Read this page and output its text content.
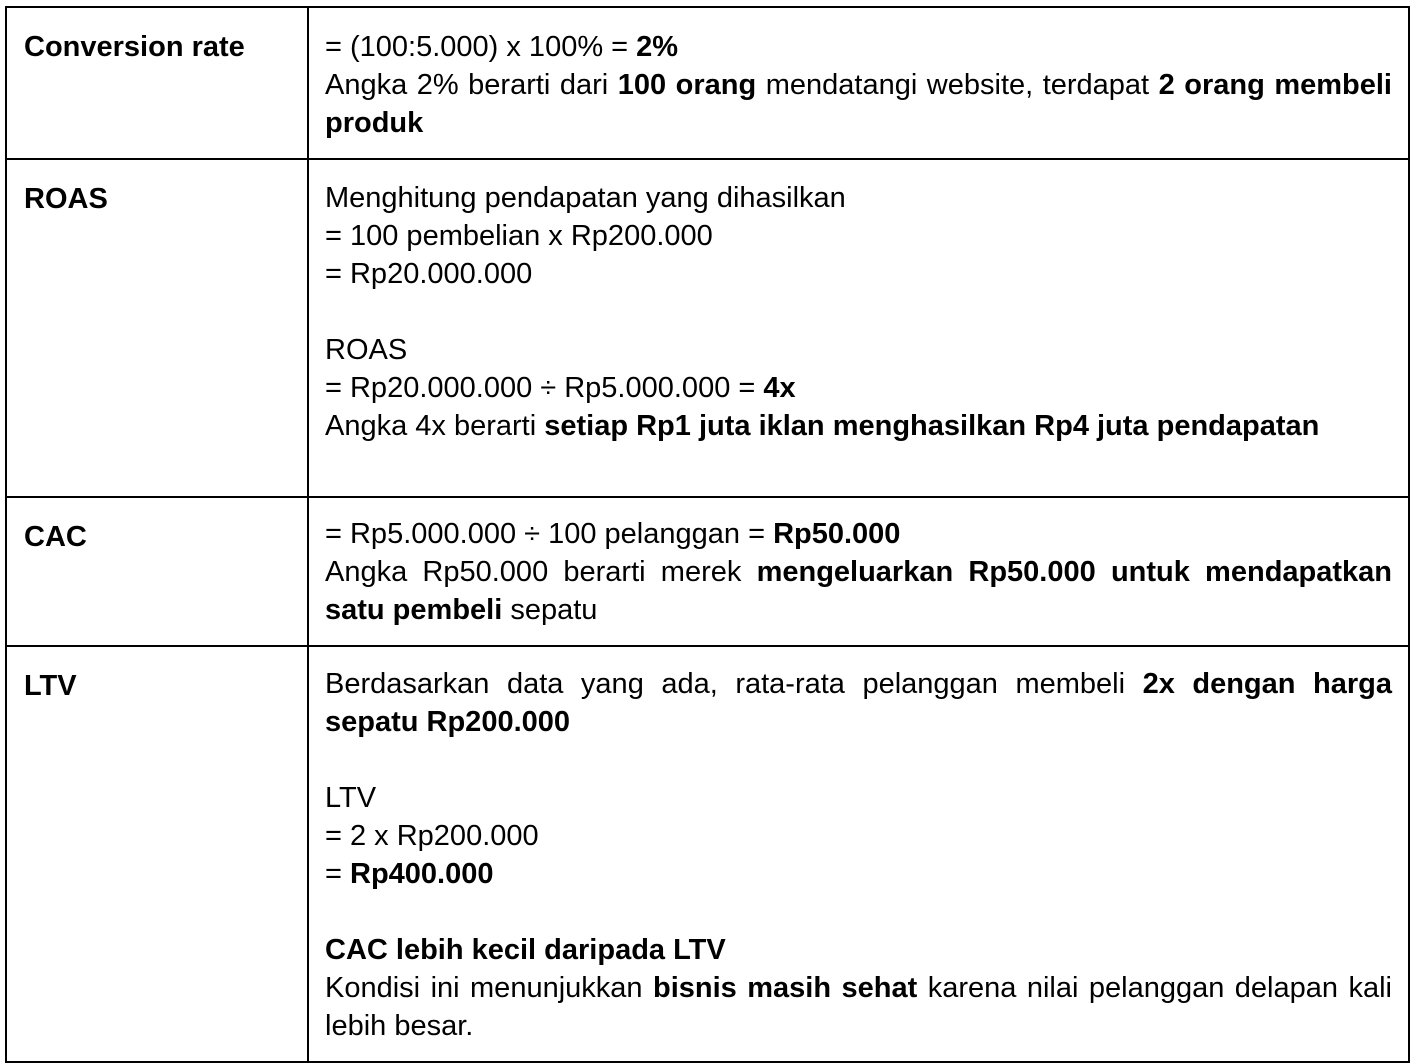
Conversion rate	= (100:5.000) x 100% = 2%
Angka 2% berarti dari 100 orang mendatangi website, terdapat 2 orang membeli produk
ROAS	Menghitung pendapatan yang dihasilkan
= 100 pembelian x Rp200.000
= Rp20.000.000
ROAS
= Rp20.000.000 ÷ Rp5.000.000 = 4x
Angka 4x berarti setiap Rp1 juta iklan menghasilkan Rp4 juta pendapatan
CAC	= Rp5.000.000 ÷ 100 pelanggan = Rp50.000
Angka Rp50.000 berarti merek mengeluarkan Rp50.000 untuk mendapatkan satu pembeli sepatu
LTV	Berdasarkan data yang ada, rata-rata pelanggan membeli 2x dengan harga sepatu Rp200.000
LTV
= 2 x Rp200.000
= Rp400.000
CAC lebih kecil daripada LTV
Kondisi ini menunjukkan bisnis masih sehat karena nilai pelanggan delapan kali lebih besar.
